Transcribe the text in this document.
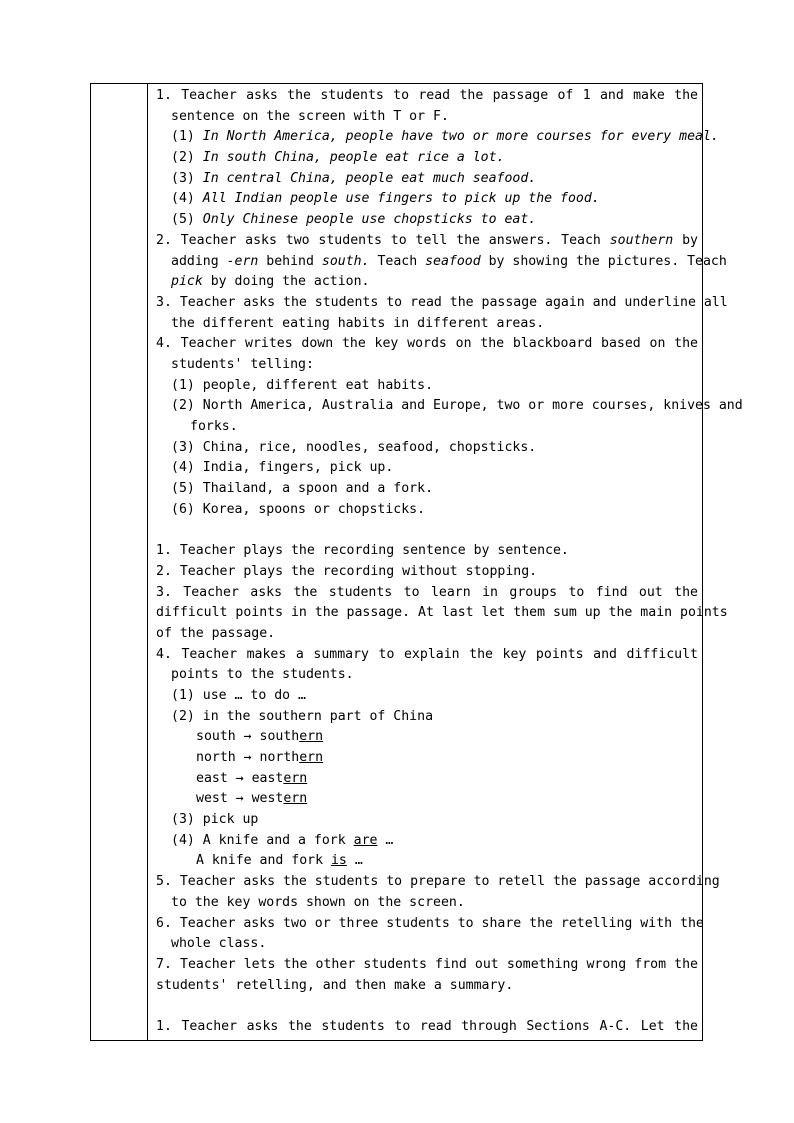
1. Teacher asks the students to read the passage of 1 and make the
sentence on the screen with T or F.
(1) In North America, people have two or more courses for every meal.
(2) In south China, people eat rice a lot.
(3) In central China, people eat much seafood.
(4) All Indian people use fingers to pick up the food.
(5) Only Chinese people use chopsticks to eat.
2. Teacher asks two students to tell the answers. Teach southern by
adding -ern behind south. Teach seafood by showing the pictures. Teach
pick by doing the action.
3. Teacher asks the students to read the passage again and underline all
the different eating habits in different areas.
4. Teacher writes down the key words on the blackboard based on the
students' telling:
(1) people, different eat habits.
(2) North America, Australia and Europe, two or more courses, knives and
forks.
(3) China, rice, noodles, seafood, chopsticks.
(4) India, fingers, pick up.
(5) Thailand, a spoon and a fork.
(6) Korea, spoons or chopsticks.
1. Teacher plays the recording sentence by sentence.
2. Teacher plays the recording without stopping.
3. Teacher asks the students to learn in groups to find out the
difficult points in the passage. At last let them sum up the main points
of the passage.
4. Teacher makes a summary to explain the key points and difficult
points to the students.
(1) use … to do …
(2) in the southern part of China
south → southern
north → northern
east → eastern
west → western
(3) pick up
(4) A knife and a fork are …
A knife and fork is …
5. Teacher asks the students to prepare to retell the passage according
to the key words shown on the screen.
6. Teacher asks two or three students to share the retelling with the
whole class.
7. Teacher lets the other students find out something wrong from the
students' retelling, and then make a summary.
1. Teacher asks the students to read through Sections A-C. Let the
